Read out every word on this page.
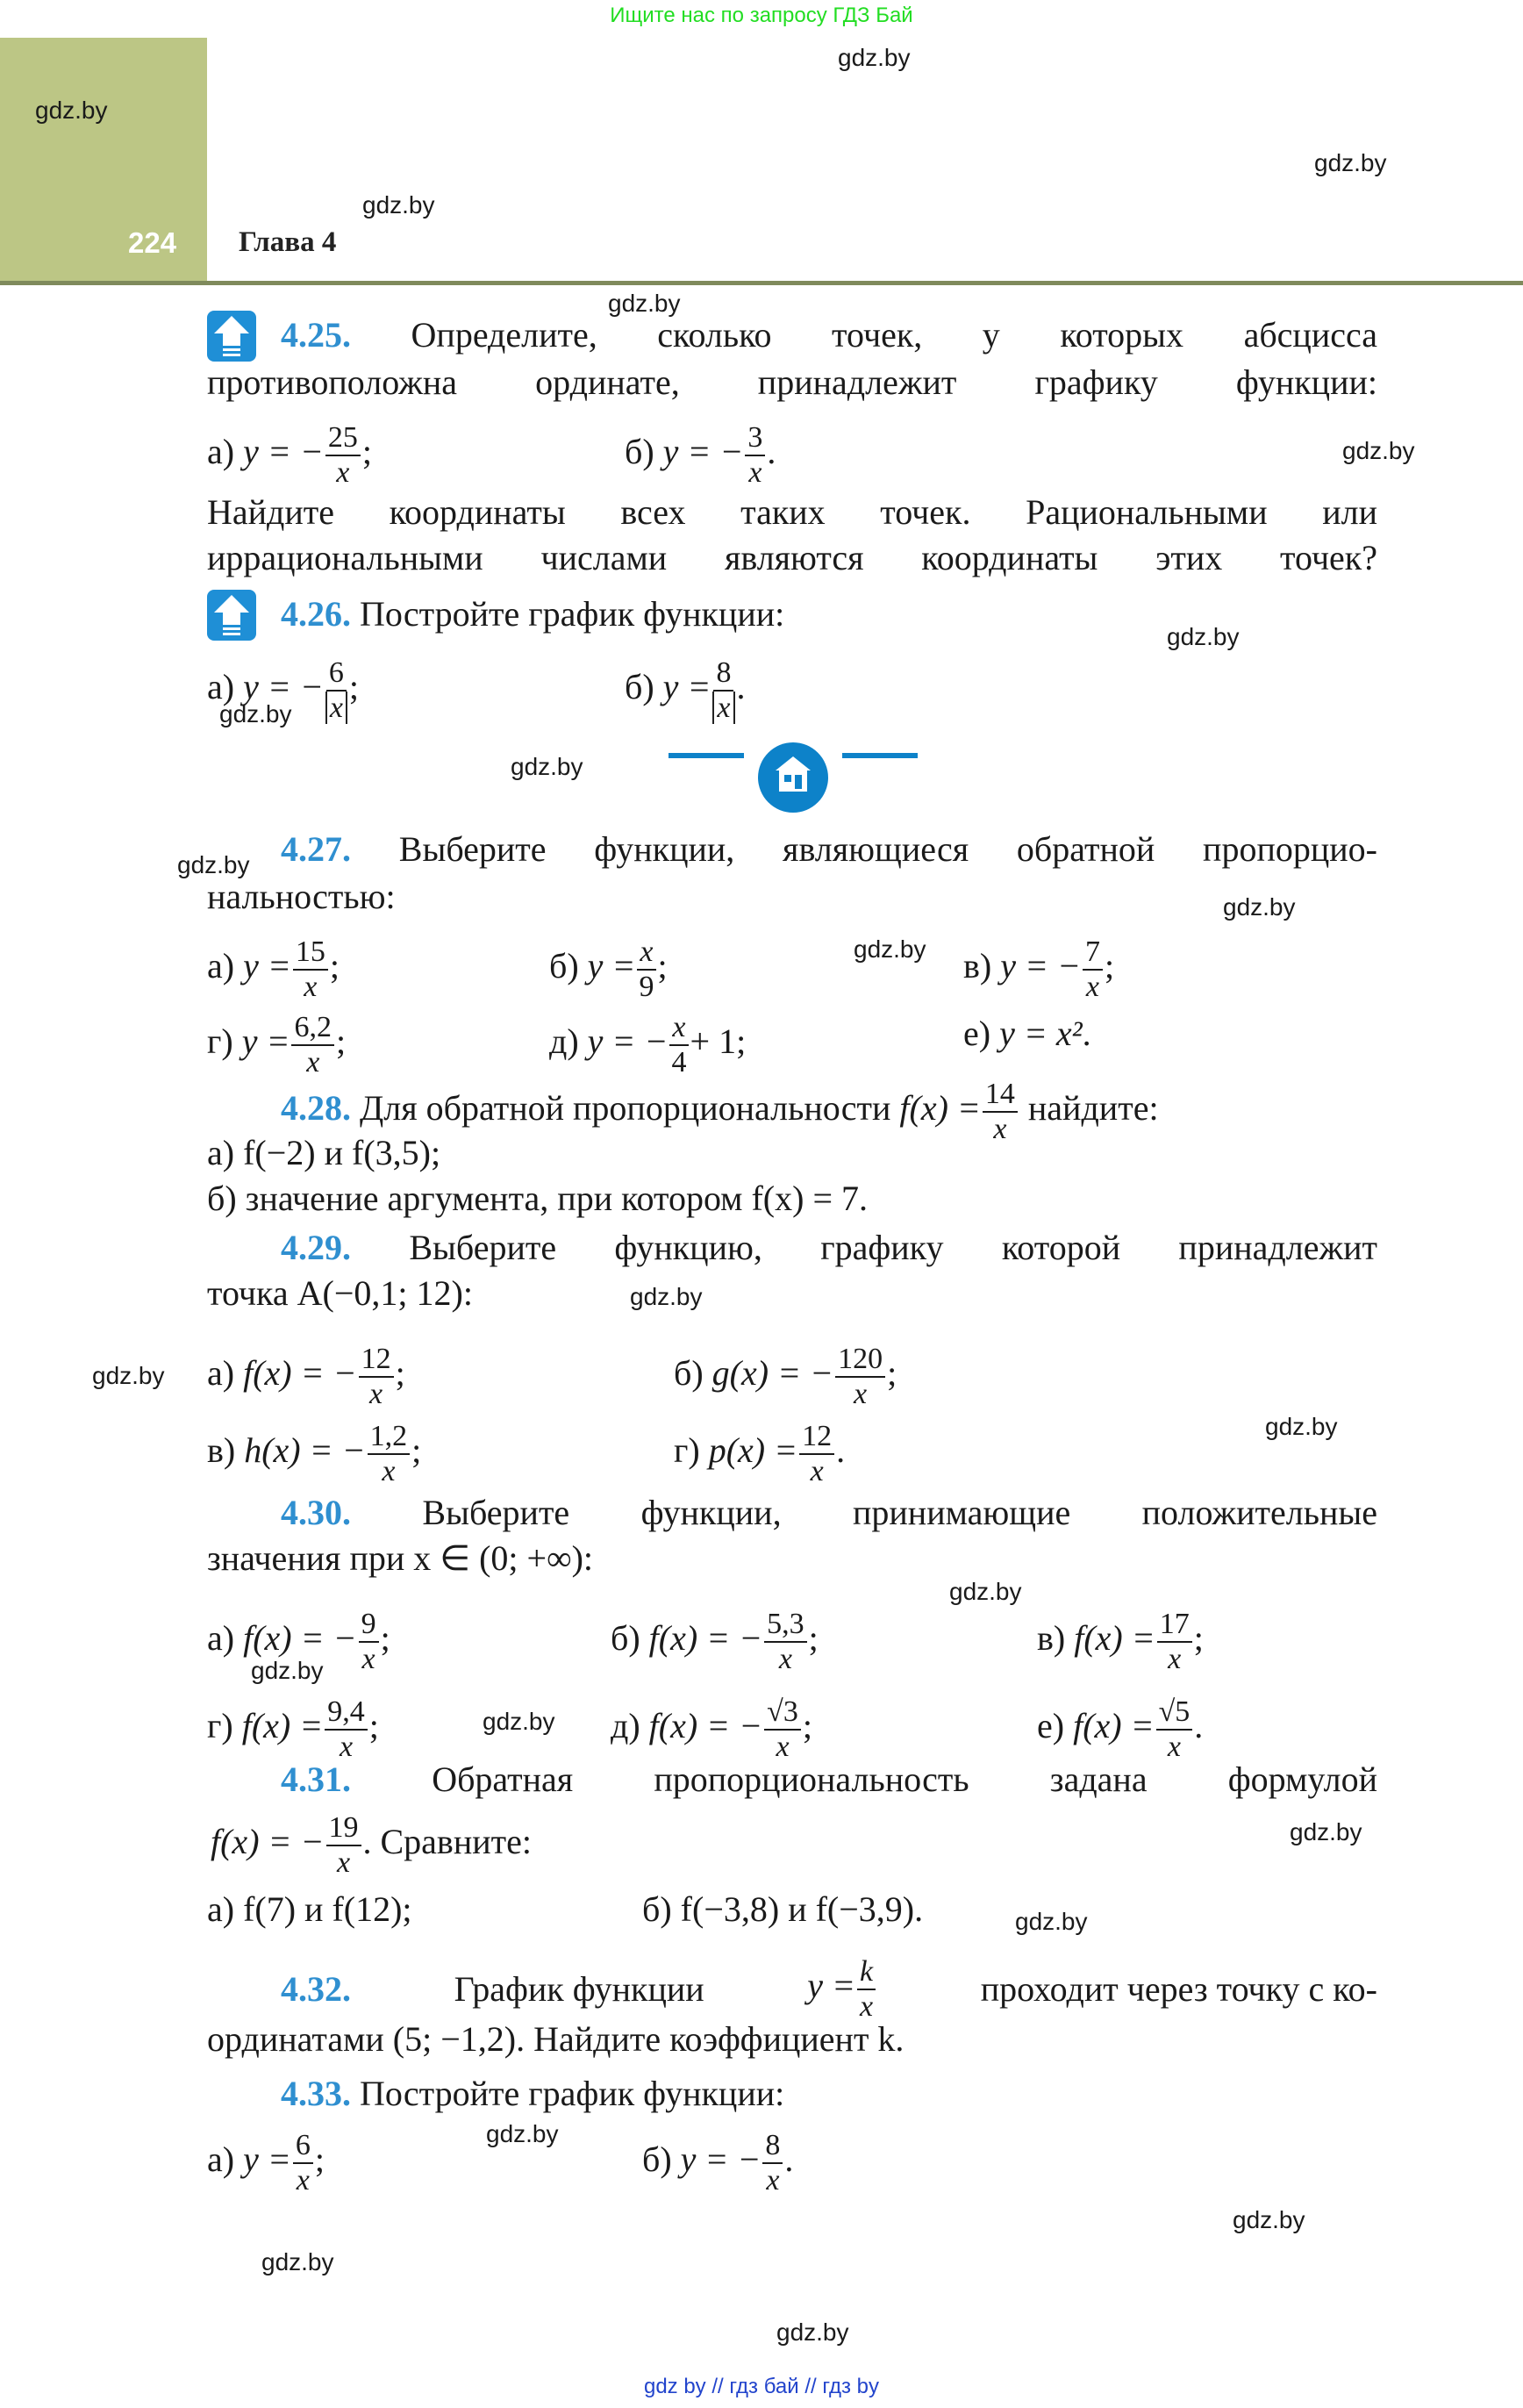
Ищите нас по запросу ГДЗ Бай
224 Глава 4
gdz.by
gdz.by
gdz.by
gdz.by
gdz.by
gdz.by
gdz.by
gdz.by
gdz.by
gdz.by
gdz.by
gdz.by
gdz.by
gdz.by
gdz.by
gdz.by
gdz.by
gdz.by
gdz.by
gdz.by
gdz.by
gdz.by
gdz.by
gdz.by
4.25. Определите, сколько точек, у которых абсцисса
противоположна ординате, принадлежит графику функции:
а) y = − $\frac{25}{x}$ ;	б) y = − $\frac{3}{x}$ .
Найдите координаты всех таких точек. Рациональными или
иррациональными числами являются координаты этих точек?
4.26. Постройте график функции:
а) y = − $\frac{6}{x}$ ;	б) $y = \frac{8}{x}$ .
4.27. Выберите функции, являющиеся обратной пропорцио-
нальностью:
а) $y = \frac{15}{x}$ ;	б) $y = \frac{x}{9}$ ;	в) y = − $\frac{7}{x}$ ;
г) $y = \frac{6,2}{x}$ ;	д) y = − $\frac{x}{4} + 1$;	е) y = x².
4.28. Для обратной пропорциональности $f(x) = \frac{14}{x}$ найдите:
а) f(−2) и f(3,5);
б) значение аргумента, при котором f(x) = 7.
4.29. Выберите функцию, графику которой принадлежит
точка A(−0,1; 12):
а) f(x) = − $\frac{12}{x}$ ;	б) g(x) = − $\frac{120}{x}$ ;
в) h(x) = − $\frac{1,2}{x}$ ;	г) $p(x) = \frac{12}{x}$ .
4.30. Выберите функции, принимающие положительные
значения при x ∈ (0; +∞):
а) f(x) = − $\frac{9}{x}$ ;	б) f(x) = − $\frac{5,3}{x}$ ;	в) $f(x) = \frac{17}{x}$ ;
г) $f(x) = \frac{9,4}{x}$ ;	д) f(x) = − $\frac{√3}{x}$ ;	е) $f(x) = \frac{√5}{x}$ .
4.31. Обратная пропорциональность задана формулой
f(x) = − $\frac{19}{x}$ . Сравните:
а) f(7) и f(12);	б) f(−3,8) и f(−3,9).
4.32.	График функции	$y = \frac{k}{x}$	проходит через точку с ко-
ординатами (5; −1,2). Найдите коэффициент k.
4.33. Постройте график функции:
а) $y = \frac{6}{x}$ ;	б) y = − $\frac{8}{x}$ .
gdz by // гдз бай // гдз by
